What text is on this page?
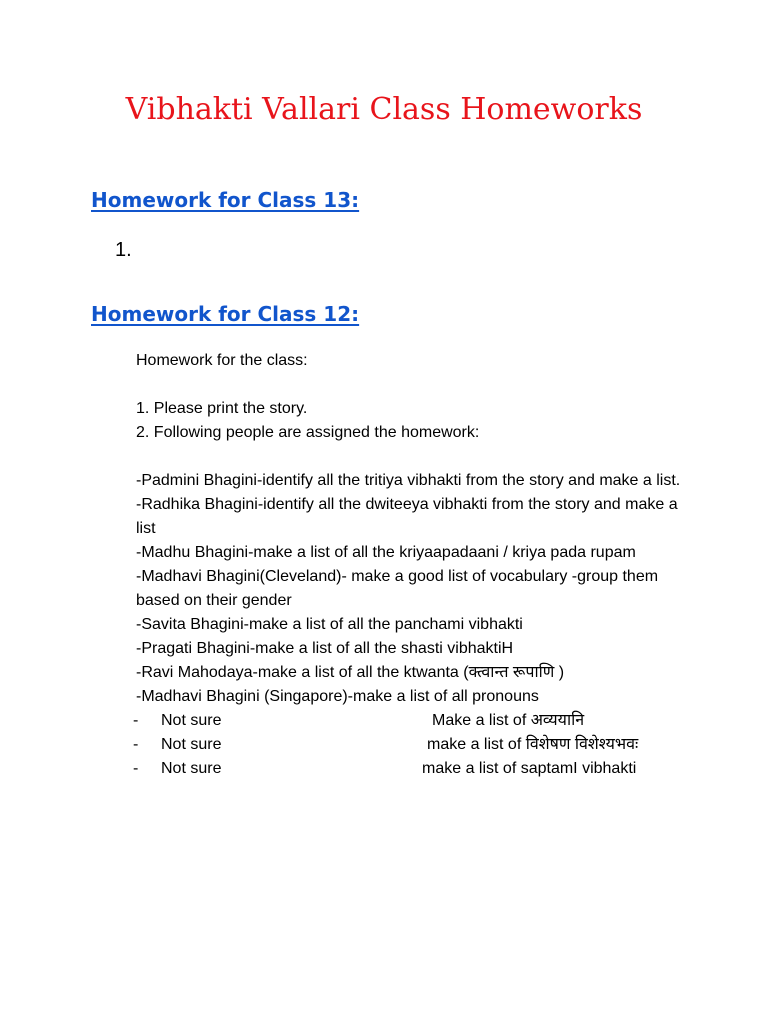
Vibhakti Vallari Class Homeworks
Homework for Class 13:
1.
Homework for Class 12:
Homework for the class:
1. Please print the story.
2. Following people are assigned the homework:
-Padmini Bhagini-identify all the tritiya vibhakti from the story and make a list.
-Radhika Bhagini-identify all the dwiteeya vibhakti from the story and make a list
-Madhu Bhagini-make a list of all the kriyaapadaani / kriya pada rupam
-Madhavi Bhagini(Cleveland)- make a good list of vocabulary -group them based on their gender
-Savita Bhagini-make a list of all the panchami vibhakti
-Pragati Bhagini-make a list of all the shasti vibhaktiH
-Ravi Mahodaya-make a list of all the ktwanta (क्त्वान्त रूपाणि )
-Madhavi Bhagini (Singapore)-make a list of all pronouns
- Not sure	Make a list of अव्ययानि
- Not sure	make a list of विशेषण विशेश्यभवः
- Not sure	make a list of saptamI vibhakti
